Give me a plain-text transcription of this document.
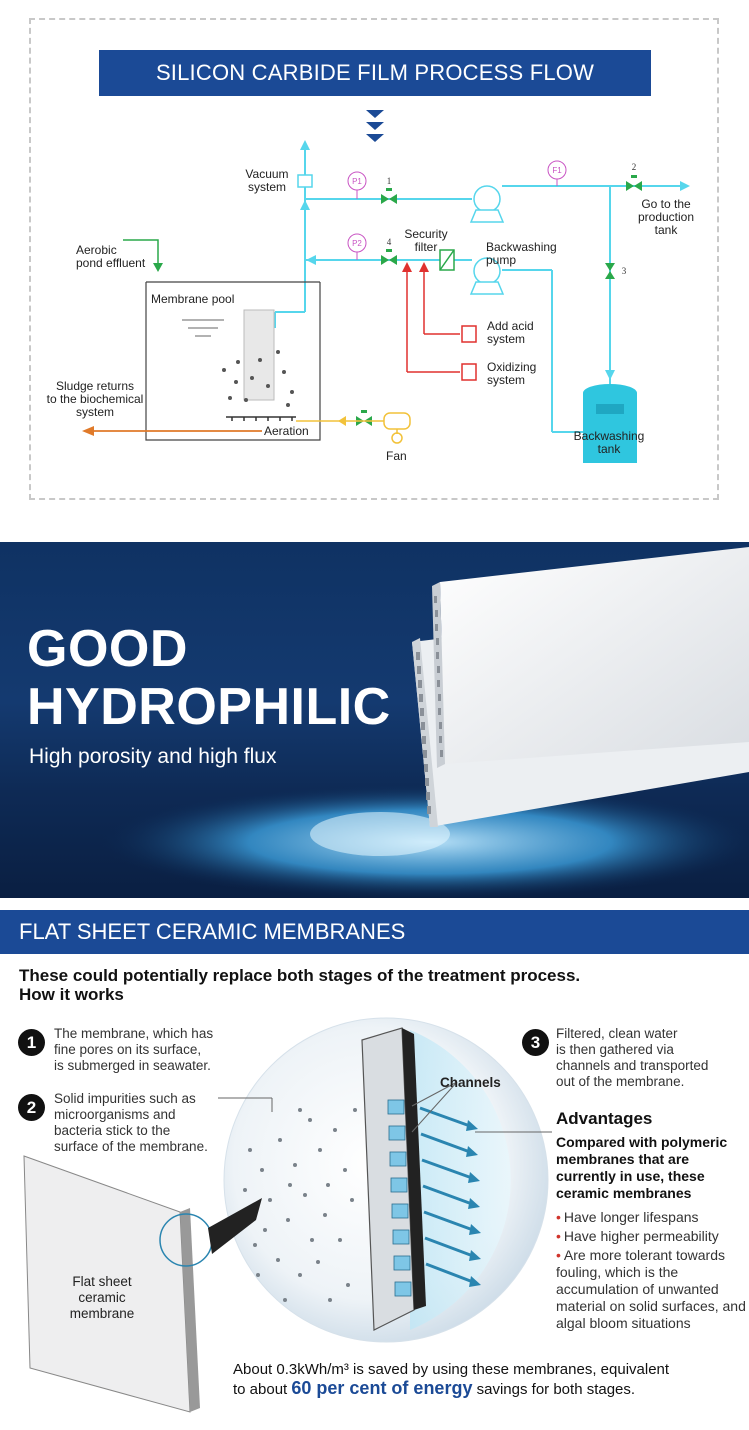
SILICON CARBIDE FILM PROCESS FLOW
P1
F1
P2
1
2
3
4
Vacuum
system
Go to the
production
tank
Security
filter	Backwashing
pump
Aerobic
pond effluent
Membrane pool
Add acid
system
Oxidizing
system
Sludge returns
to the biochemical
system
Aeration
Fan
Backwashing
tank
GOOD
HYDROPHILIC
High porosity and high flux
FLAT SHEET CERAMIC MEMBRANES
These could potentially replace both stages of the treatment process.
How it works
1	The membrane, which has
fine pores on its surface,
is submerged in seawater.
2	Solid impurities such as
microorganisms and
bacteria stick to the
surface of the membrane.
3	Filtered, clean water
is then gathered via
channels and transported
out of the membrane.
Channels
Flat sheet
ceramic
membrane
Advantages
Compared with polymeric membranes that are currently in use, these ceramic membranes
• Have longer lifespans
• Have higher permeability
• Are more tolerant towards fouling, which is the accumulation of unwanted material on solid surfaces, and algal bloom situations
About 0.3kWh/m³ is saved by using these membranes, equivalent
to about 60 per cent of energy savings for both stages.
